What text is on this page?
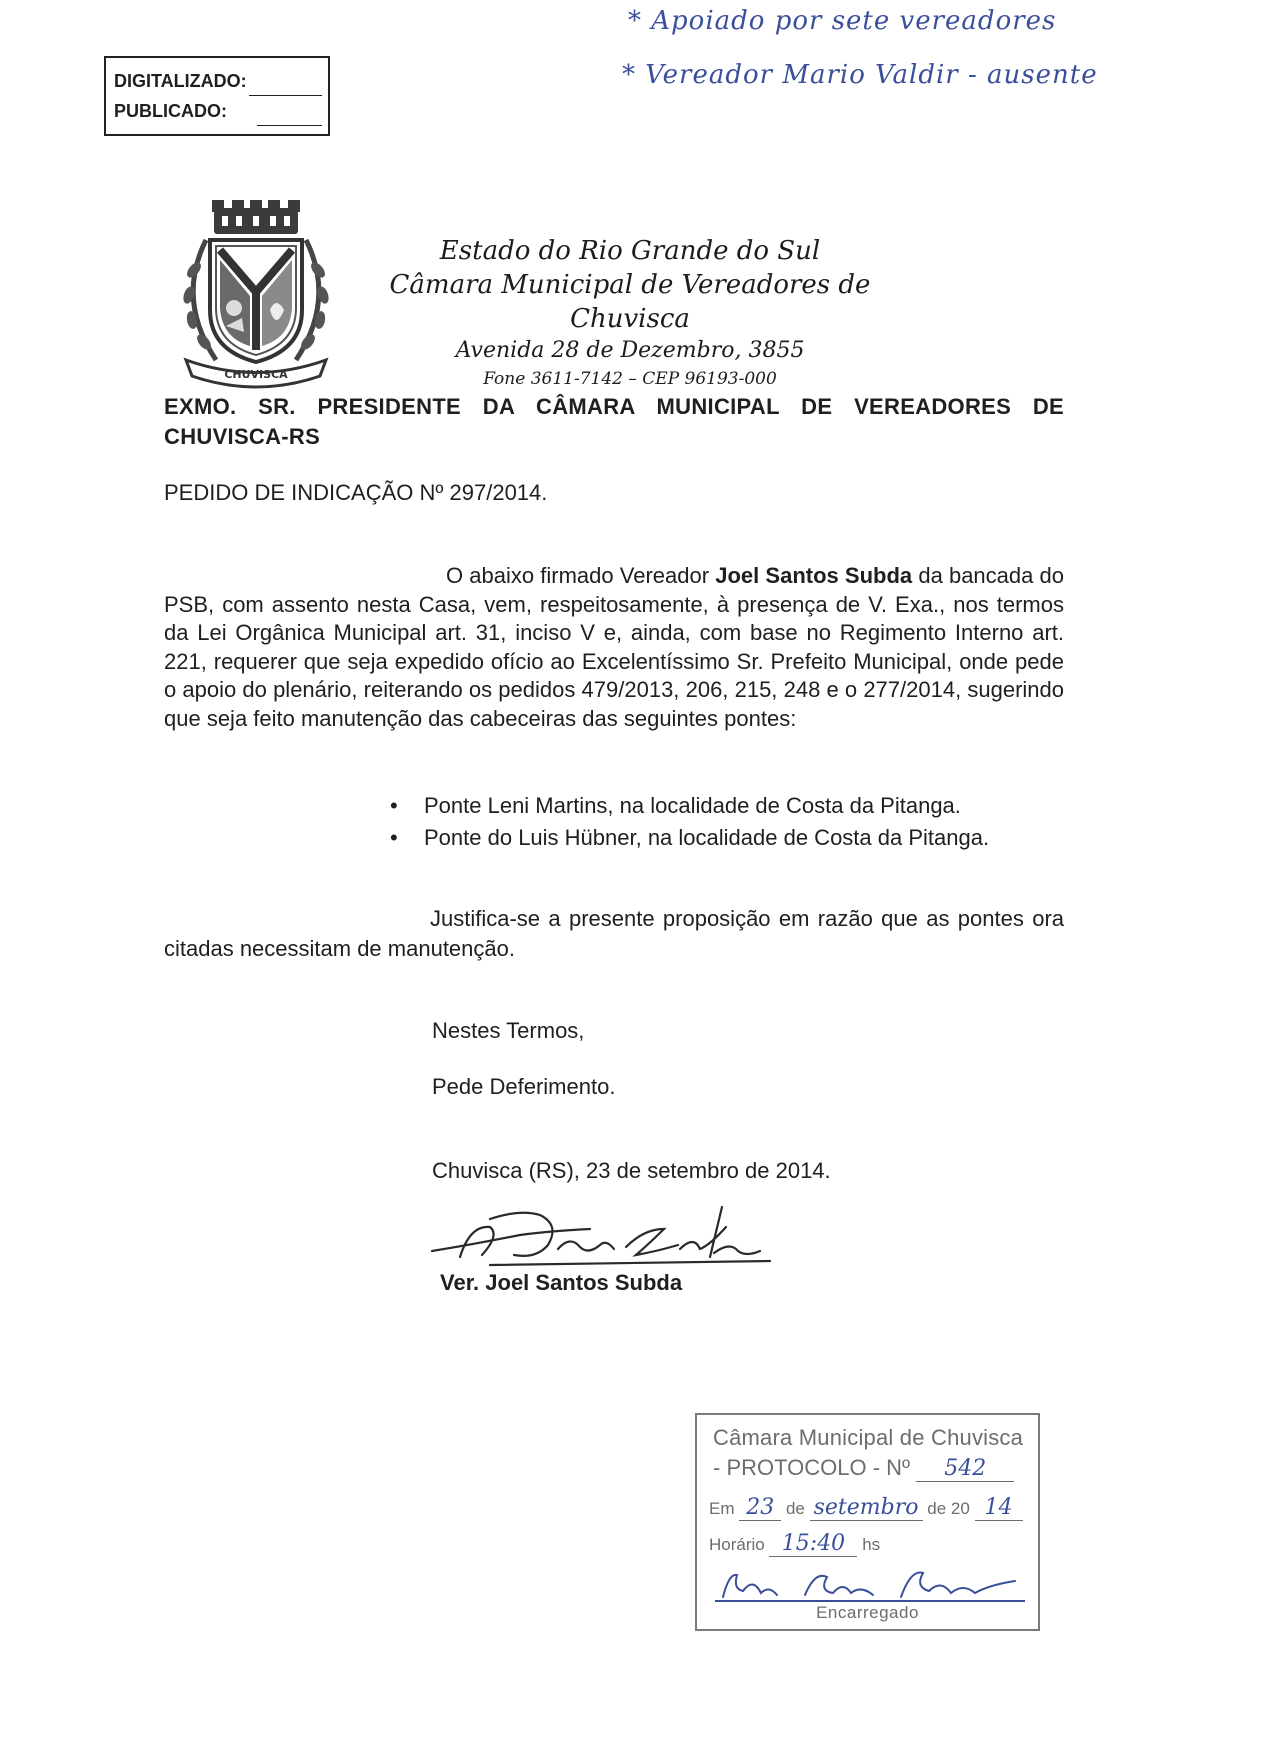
* Apoiado por sete vereadores
* Vereador Mario Valdir - ausente
DIGITALIZADO:
PUBLICADO:
CHUVISCA
Estado do Rio Grande do Sul
Câmara Municipal de Vereadores de Chuvisca
Avenida 28 de Dezembro, 3855
Fone 3611-7142 – CEP 96193-000
EXMO. SR. PRESIDENTE DA CÂMARA MUNICIPAL DE VEREADORES DE CHUVISCA-RS
PEDIDO DE INDICAÇÃO Nº 297/2014.
O abaixo firmado Vereador Joel Santos Subda da bancada do PSB, com assento nesta Casa, vem, respeitosamente, à presença de V. Exa., nos termos da Lei Orgânica Municipal art. 31, inciso V e, ainda, com base no Regimento Interno art. 221, requerer que seja expedido ofício ao Excelentíssimo Sr. Prefeito Municipal, onde pede o apoio do plenário, reiterando os pedidos 479/2013, 206, 215, 248 e o 277/2014, sugerindo que seja feito manutenção das cabeceiras das seguintes pontes:
• Ponte Leni Martins, na localidade de Costa da Pitanga.
• Ponte do Luis Hübner, na localidade de Costa da Pitanga.
Justifica-se a presente proposição em razão que as pontes ora citadas necessitam de manutenção.
Nestes Termos,
Pede Deferimento.
Chuvisca (RS), 23 de setembro de 2014.
Ver. Joel Santos Subda
Câmara Municipal de Chuvisca
- PROTOCOLO - Nº 542
Em 23 de setembro de 20 14
Horário 15:40 hs
Encarregado
